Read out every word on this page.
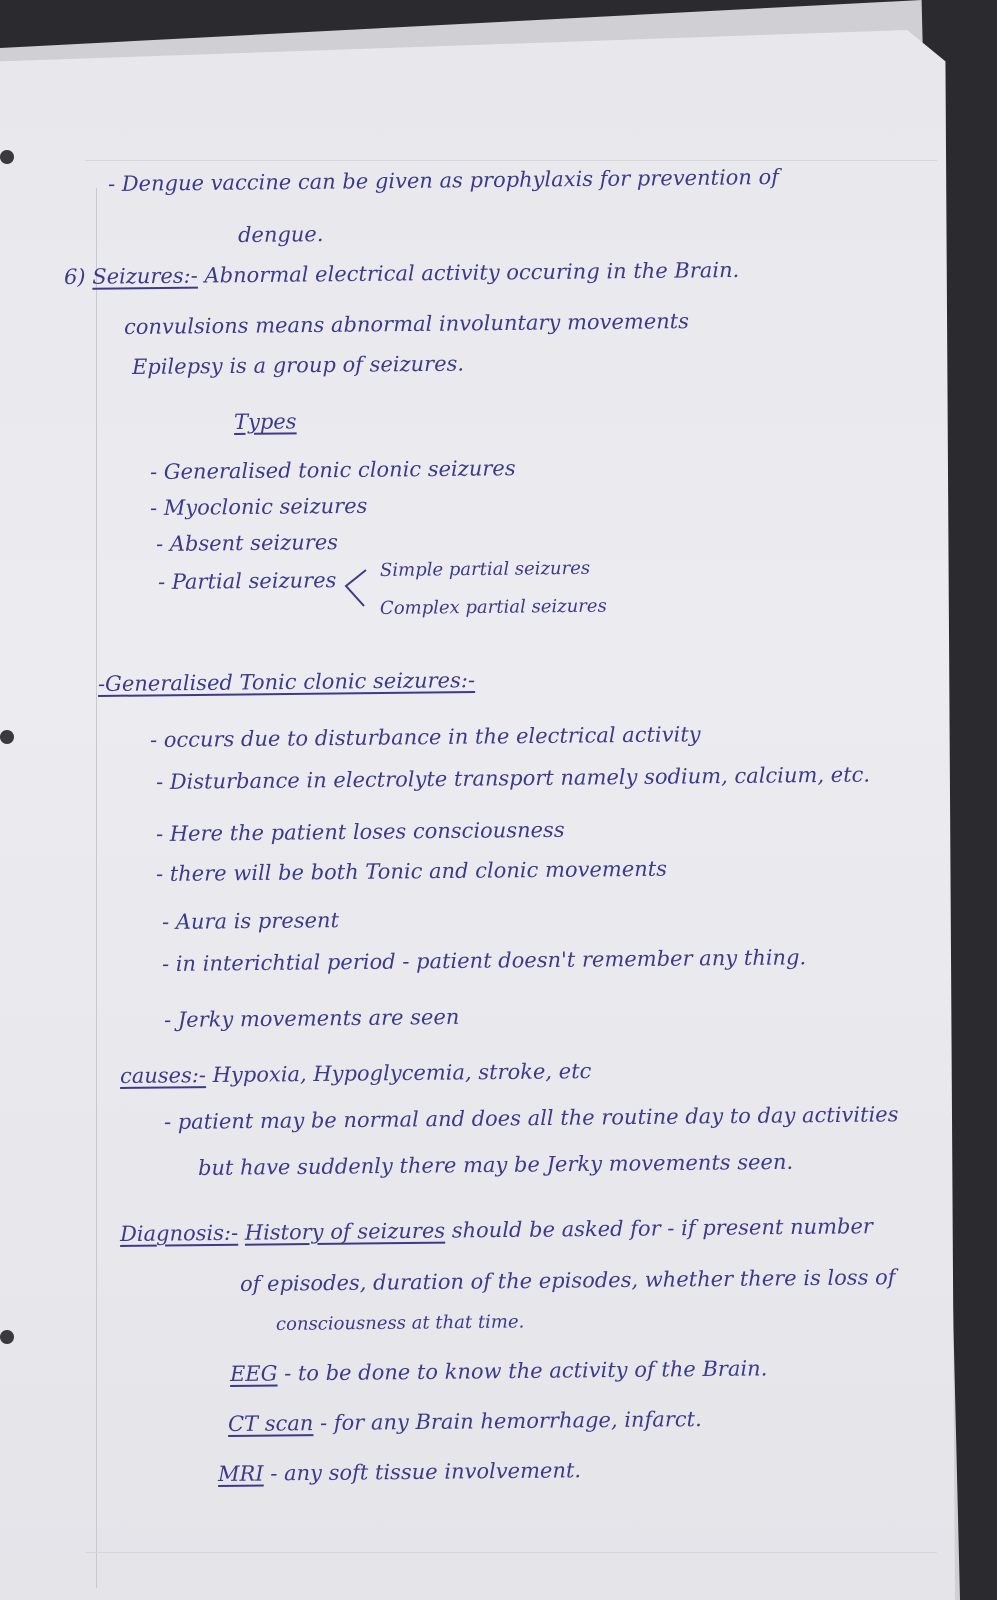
- Dengue vaccine can be given as prophylaxis for prevention of
dengue.
6) Seizures:- Abnormal electrical activity occuring in the Brain.
convulsions means abnormal involuntary movements
Epilepsy is a group of seizures.
Types
- Generalised tonic clonic seizures
- Myoclonic seizures
- Absent seizures
- Partial seizures Simple partial seizures
Complex partial seizures
-Generalised Tonic clonic seizures:-
- occurs due to disturbance in the electrical activity
- Disturbance in electrolyte transport namely sodium, calcium, etc.
- Here the patient loses consciousness
- there will be both Tonic and clonic movements
- Aura is present
- in interichtial period - patient doesn't remember any thing.
- Jerky movements are seen
causes:- Hypoxia, Hypoglycemia, stroke, etc
- patient may be normal and does all the routine day to day activities
but have suddenly there may be Jerky movements seen.
Diagnosis:- History of seizures should be asked for - if present number
of episodes, duration of the episodes, whether there is loss of
consciousness at that time.
EEG - to be done to know the activity of the Brain.
CT scan - for any Brain hemorrhage, infarct.
MRI - any soft tissue involvement.
